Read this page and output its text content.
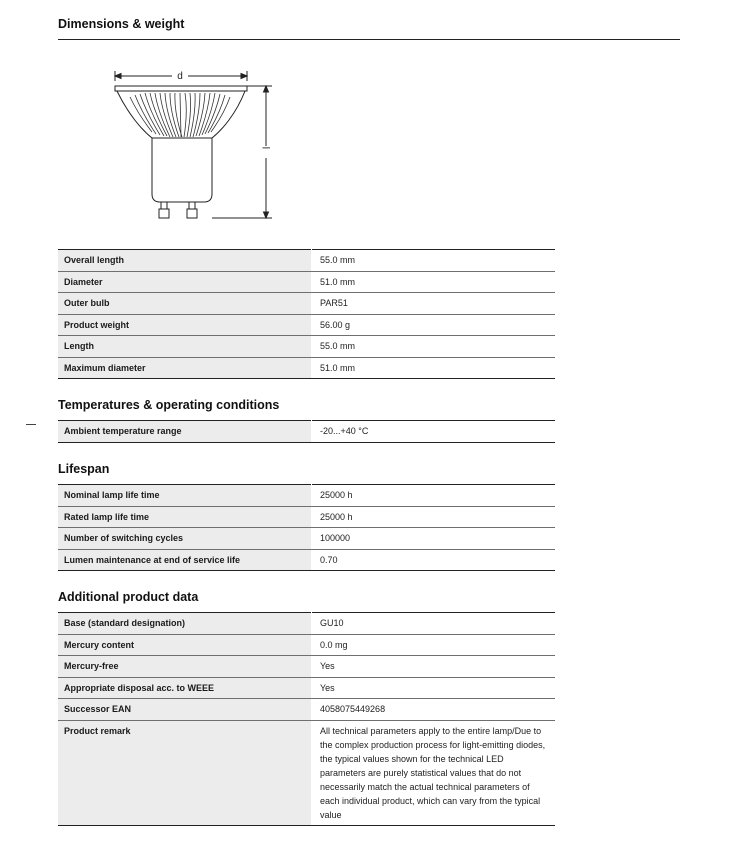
Dimensions & weight
d
l
Overall length	55.0 mm
Diameter	51.0 mm
Outer bulb	PAR51
Product weight	56.00 g
Length	55.0 mm
Maximum diameter	51.0 mm
Temperatures & operating conditions
Ambient temperature range	-20...+40 °C
Lifespan
Nominal lamp life time	25000 h
Rated lamp life time	25000 h
Number of switching cycles	100000
Lumen maintenance at end of service life	0.70
Additional product data
Base (standard designation)	GU10
Mercury content	0.0 mg
Mercury-free	Yes
Appropriate disposal acc. to WEEE	Yes
Successor EAN	4058075449268
Product remark	All technical parameters apply to the entire lamp/Due to the complex production process for light-emitting diodes, the typical values shown for the technical LED parameters are purely statistical values that do not necessarily match the actual technical parameters of each individual product, which can vary from the typical value
